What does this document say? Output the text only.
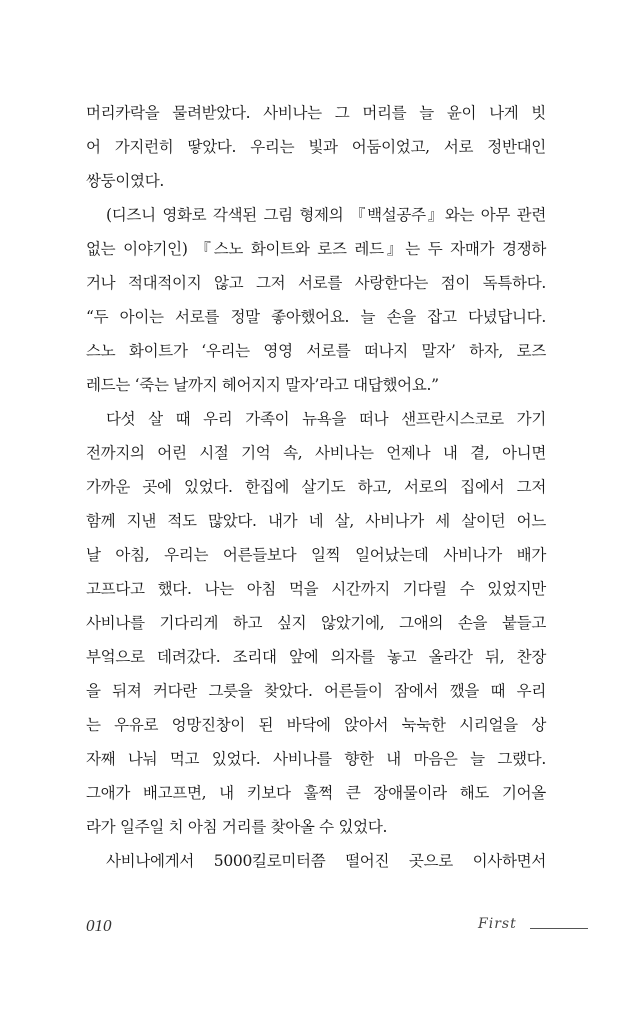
머리카락을 물려받았다. 사비나는 그 머리를 늘 윤이 나게 빗
어 가지런히 땋았다. 우리는 빛과 어둠이었고, 서로 정반대인
쌍둥이였다.
(디즈니 영화로 각색된 그림 형제의 『백설공주』와는 아무 관련
없는 이야기인) 『스노 화이트와 로즈 레드』는 두 자매가 경쟁하
거나 적대적이지 않고 그저 서로를 사랑한다는 점이 독특하다.
“두 아이는 서로를 정말 좋아했어요. 늘 손을 잡고 다녔답니다.
스노 화이트가 ‘우리는 영영 서로를 떠나지 말자’ 하자, 로즈
레드는 ‘죽는 날까지 헤어지지 말자’라고 대답했어요.”
다섯 살 때 우리 가족이 뉴욕을 떠나 샌프란시스코로 가기
전까지의 어린 시절 기억 속, 사비나는 언제나 내 곁, 아니면
가까운 곳에 있었다. 한집에 살기도 하고, 서로의 집에서 그저
함께 지낸 적도 많았다. 내가 네 살, 사비나가 세 살이던 어느
날 아침, 우리는 어른들보다 일찍 일어났는데 사비나가 배가
고프다고 했다. 나는 아침 먹을 시간까지 기다릴 수 있었지만
사비나를 기다리게 하고 싶지 않았기에, 그애의 손을 붙들고
부엌으로 데려갔다. 조리대 앞에 의자를 놓고 올라간 뒤, 찬장
을 뒤져 커다란 그릇을 찾았다. 어른들이 잠에서 깼을 때 우리
는 우유로 엉망진창이 된 바닥에 앉아서 눅눅한 시리얼을 상
자째 나눠 먹고 있었다. 사비나를 향한 내 마음은 늘 그랬다.
그애가 배고프면, 내 키보다 훌쩍 큰 장애물이라 해도 기어올
라가 일주일 치 아침 거리를 찾아올 수 있었다.
사비나에게서 5000킬로미터쯤 떨어진 곳으로 이사하면서
010	First
